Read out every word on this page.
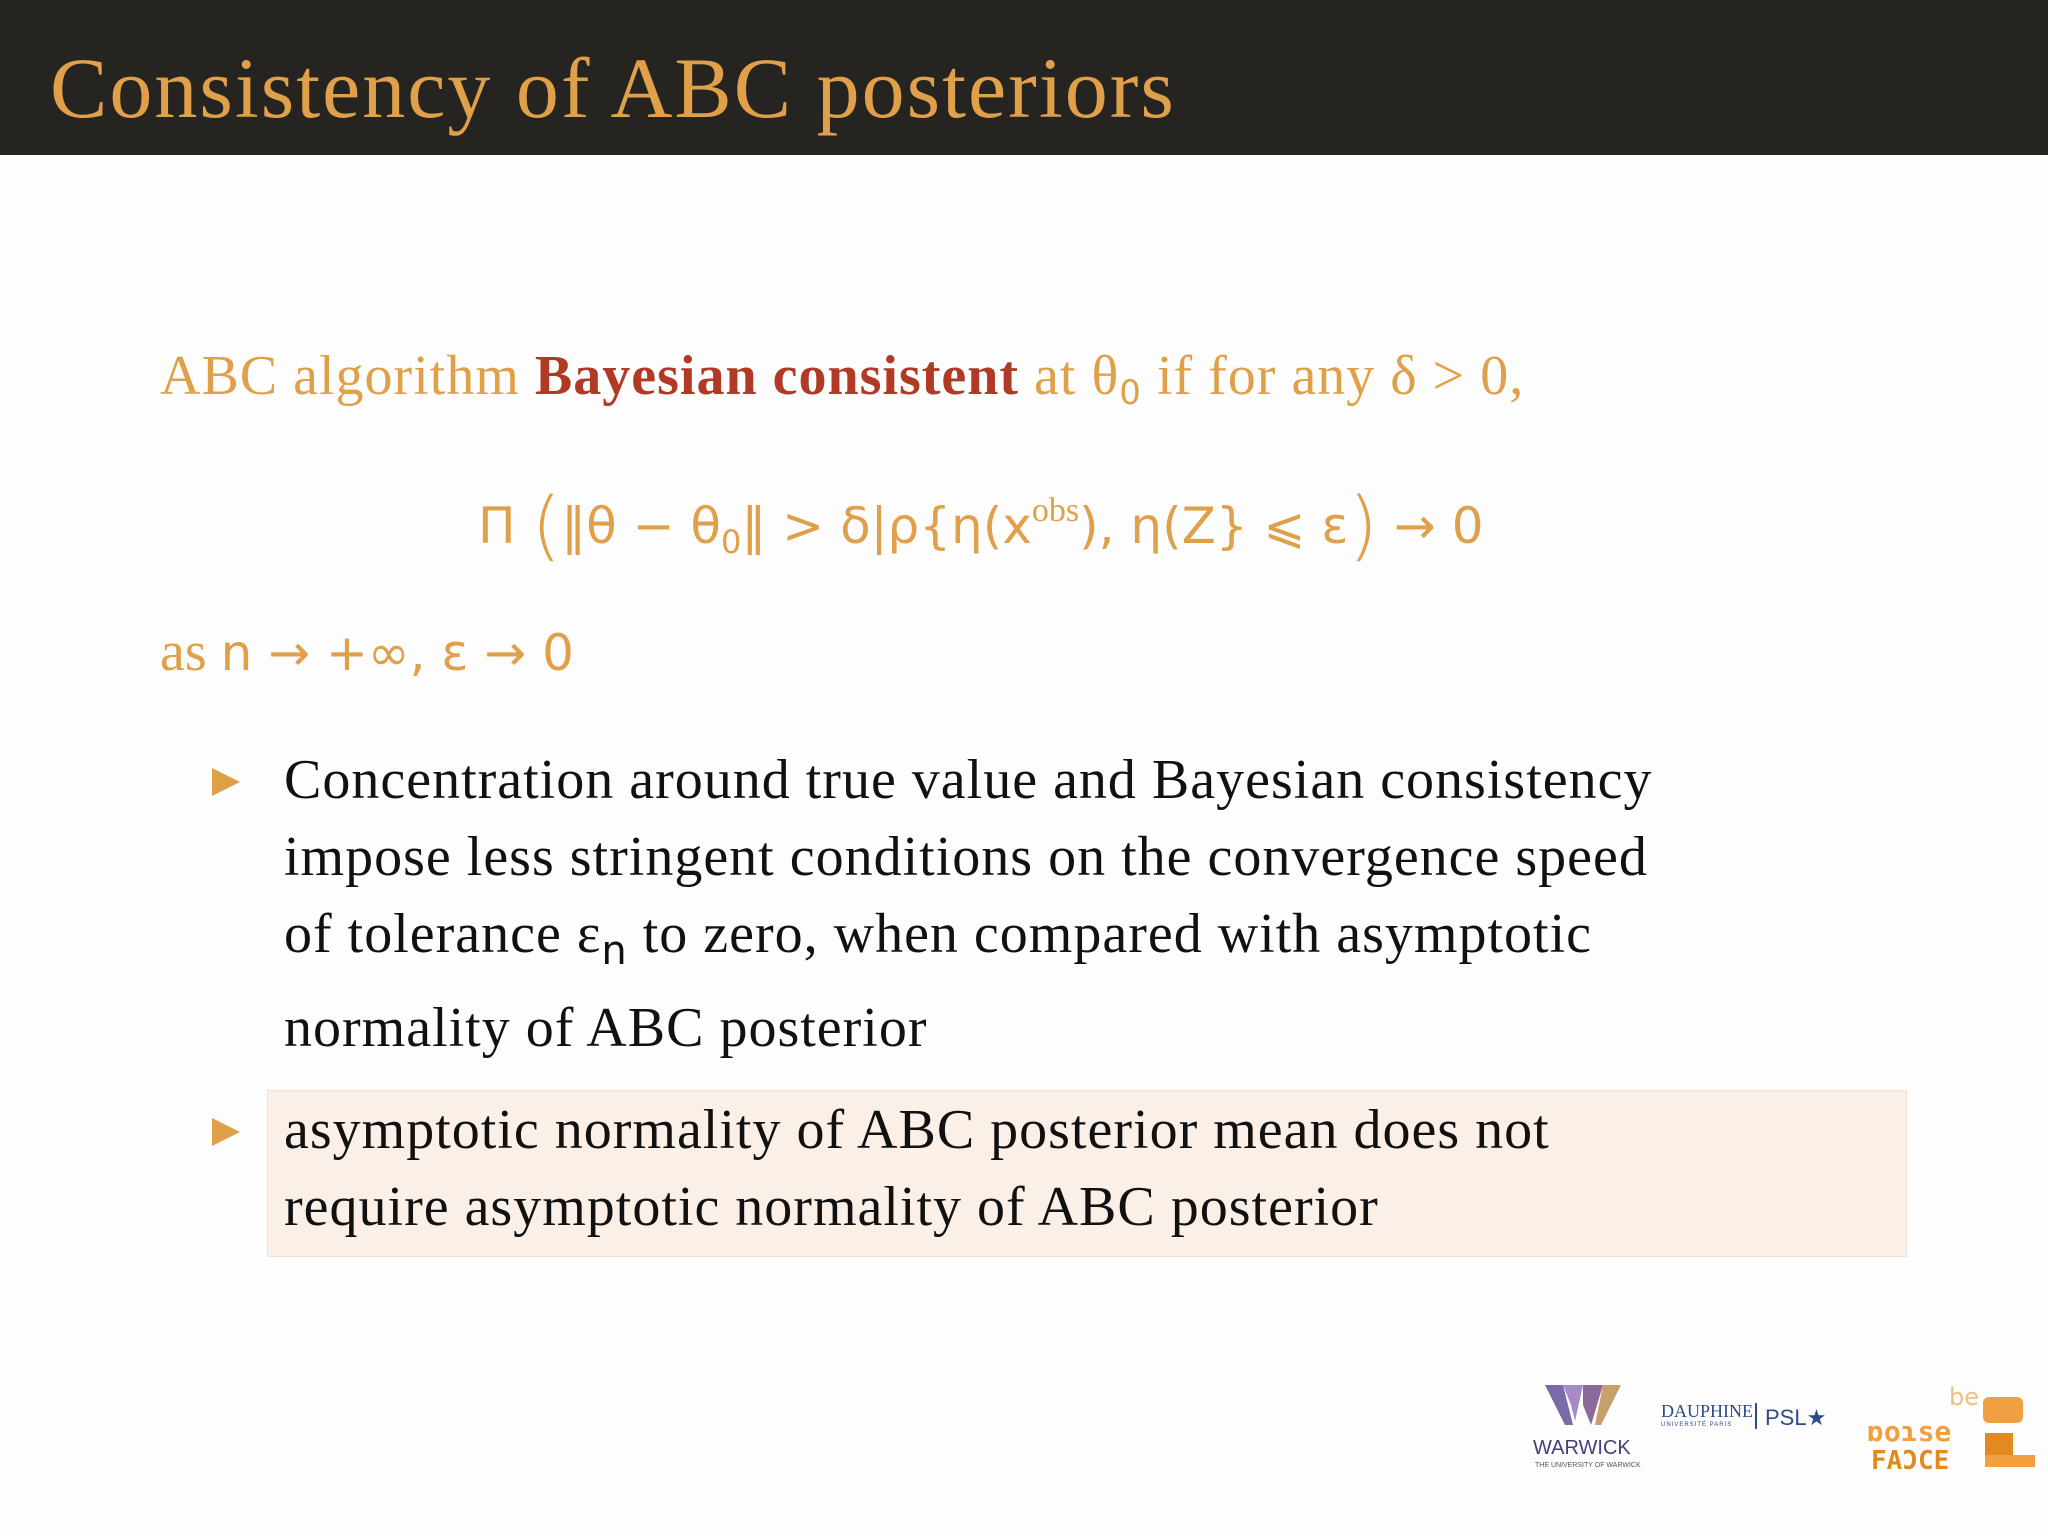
Consistency of ABC posteriors
ABC algorithm Bayesian consistent at θ0 if for any δ > 0,
Π (‖θ − $\theta_0‖ > \delta|\rho\{\eta(x^{obs})$, η(Z} ⩽ ε) → 0
as n → +∞, ε → 0
Concentration around true value and Bayesian consistency
impose less stringent conditions on the convergence speed
of tolerance $\varepsilon_n$ to zero, when compared with asymptotic
normality of ABC posterior
asymptotic normality of ABC posterior mean does not
require asymptotic normality of ABC posterior
WARWICK
THE UNIVERSITY OF WARWICK
DAUPHINE
UNIVERSITÉ PARIS PSL★
be
ɒoɿse
FAƆCE
